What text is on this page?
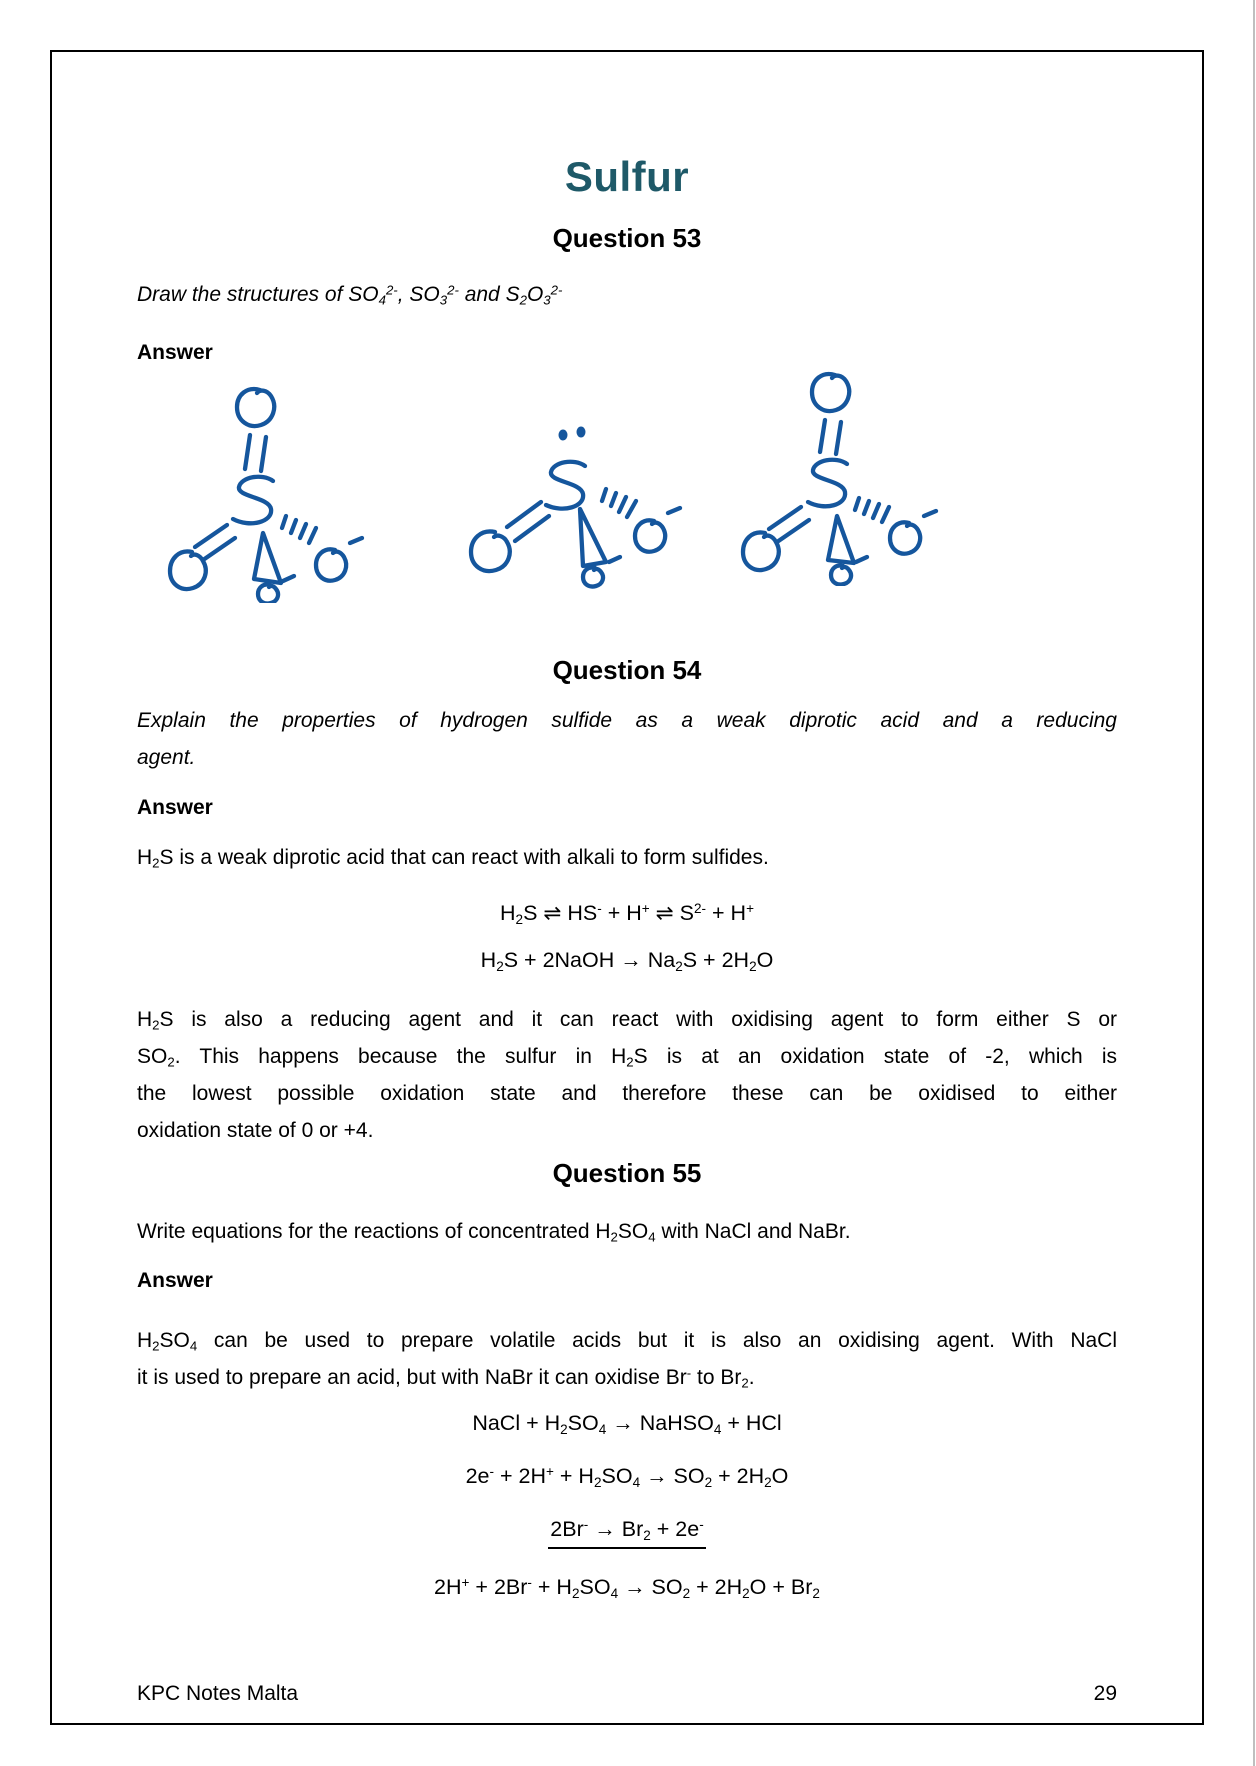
Sulfur
Question 53
Draw the structures of $SO_4^{2-}$, $SO_3^{2-}$ and $S_2O_3^{2-}$
Answer
Question 54
Explain the properties of hydrogen sulfide as a weak diprotic acid and a reducing
agent.
Answer
$H_2S$ is a weak diprotic acid that can react with alkali to form sulfides.
$H_2S$ ⇌ HS- + H+ ⇌ $S^{2-} + H^+$
$H_2S$ + 2NaOH → $Na_2S + 2H_2O$
$H_2S$ is also a reducing agent and it can react with oxidising agent to form either S or
$SO_2$. This happens because the sulfur in $H_2S$ is at an oxidation state of -2, which is
the lowest possible oxidation state and therefore these can be oxidised to either
oxidation state of 0 or +4.
Question 55
Write equations for the reactions of concentrated $H_2SO_4$ with NaCl and NaBr.
Answer
$H_2SO_4$ can be used to prepare volatile acids but it is also an oxidising agent. With NaCl
it is used to prepare an acid, but with NaBr it can oxidise Br- to $Br_2$.
NaCl + $H_2SO_4$ → NaHSO$_4$ + HCl
$2e^- + 2H^+ + H_2SO_4 \to SO_2 + 2H_2O$
$2Br^- \to Br_2 + 2e^-$
$2H^+ + 2Br^- + H_2SO_4 \to SO_2 + 2H_2O + Br_2$
KPC Notes Malta	29
